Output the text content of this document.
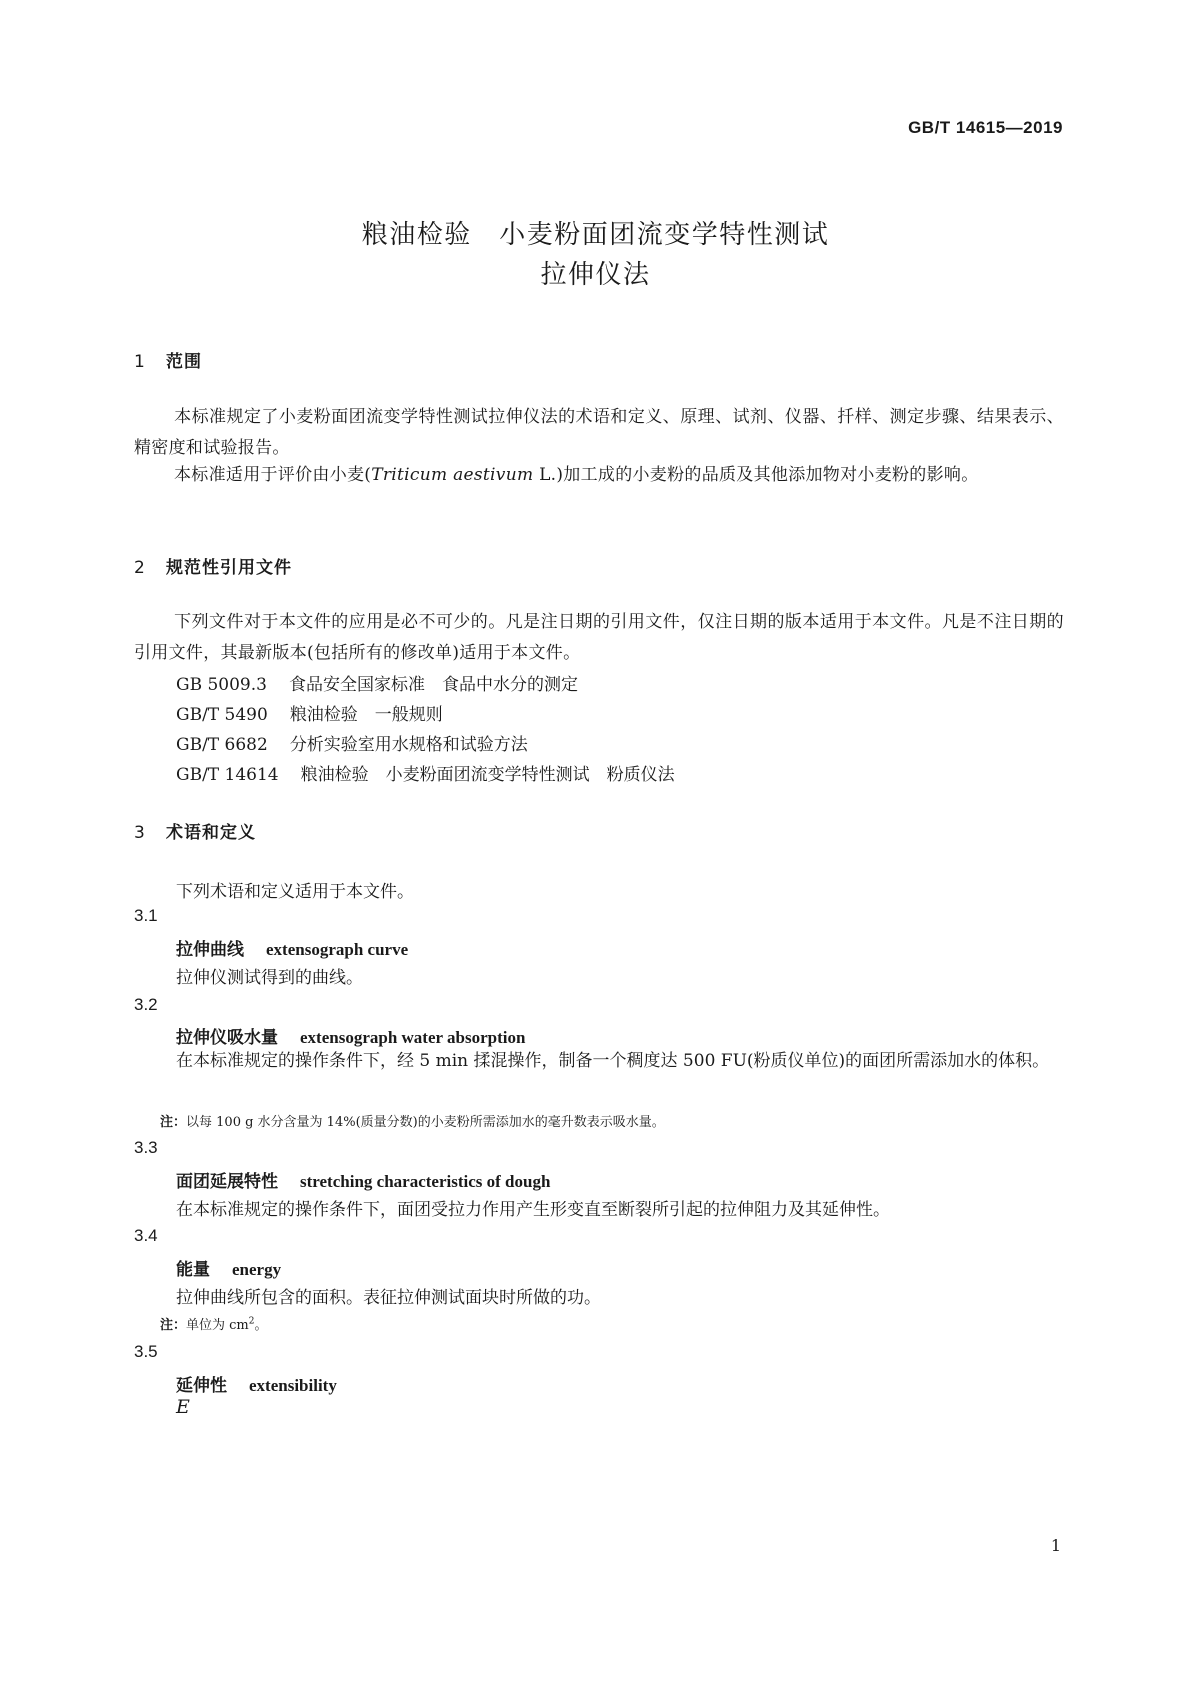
GB/T 14615—2019
粮油检验　小麦粉面团流变学特性测试
拉伸仪法
1 范围
本标准规定了小麦粉面团流变学特性测试拉伸仪法的术语和定义、原理、试剂、仪器、扦样、测定步骤、结果表示、精密度和试验报告。
本标准适用于评价由小麦(Triticum aestivum L.)加工成的小麦粉的品质及其他添加物对小麦粉的影响。
2 规范性引用文件
下列文件对于本文件的应用是必不可少的。凡是注日期的引用文件，仅注日期的版本适用于本文件。凡是不注日期的引用文件，其最新版本(包括所有的修改单)适用于本文件。
GB 5009.3 食品安全国家标准　食品中水分的测定
GB/T 5490 粮油检验　一般规则
GB/T 6682 分析实验室用水规格和试验方法
GB/T 14614 粮油检验　小麦粉面团流变学特性测试　粉质仪法
3 术语和定义
下列术语和定义适用于本文件。
3.1
拉伸曲线 extensograph curve
拉伸仪测试得到的曲线。
3.2
拉伸仪吸水量 extensograph water absorption
在本标准规定的操作条件下，经 5 min 揉混操作，制备一个稠度达 500 FU(粉质仪单位)的面团所需添加水的体积。
注：以每 100 g 水分含量为 14%(质量分数)的小麦粉所需添加水的毫升数表示吸水量。
3.3
面团延展特性 stretching characteristics of dough
在本标准规定的操作条件下，面团受拉力作用产生形变直至断裂所引起的拉伸阻力及其延伸性。
3.4
能量 energy
拉伸曲线所包含的面积。表征拉伸测试面块时所做的功。
注：单位为 $cm^2$。
3.5
延伸性 extensibility
E
1
